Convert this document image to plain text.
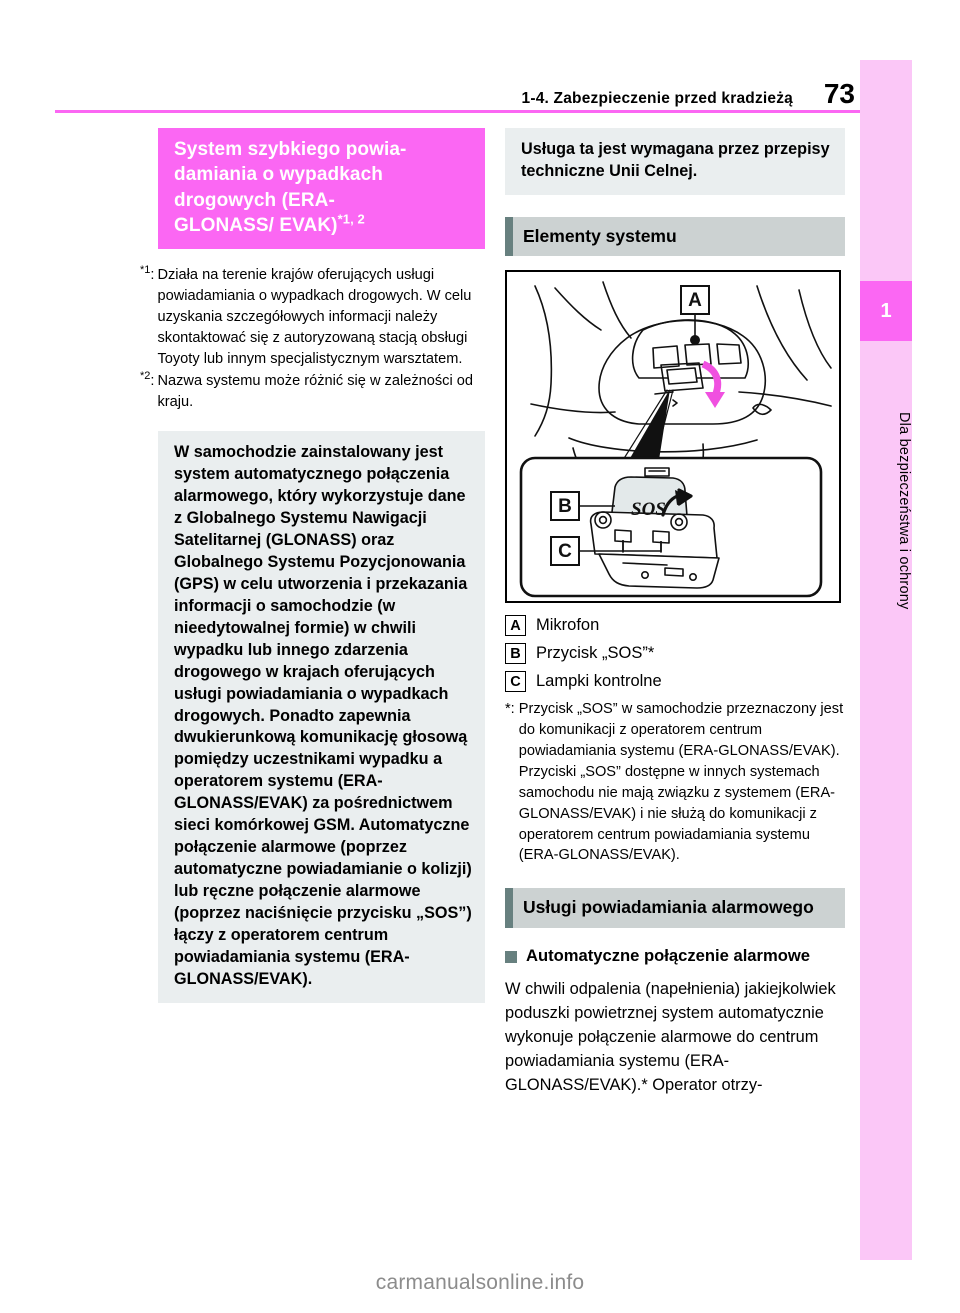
1-4. Zabezpieczenie przed kradzieżą	73
1
Dla bezpieczeństwa i ochrony
System szybkiego powia-
damiania o wypadkach
drogowych (ERA-
GLONASS/ EVAK)$^{*1, 2}$
$^{*1}$: Działa na terenie krajów oferujących usługi powiadamiania o wypadkach drogowych. W celu uzyskania szczegółowych informacji należy skontaktować się z autoryzowaną stacją obsługi Toyoty lub innym specjalistycznym warsztatem.
$^{*2}$: Nazwa systemu może różnić się w zależności od kraju.
W samochodzie zainstalowany jest system automatycznego połączenia alarmowego, który wykorzystuje dane z Globalnego Systemu Nawigacji Satelitarnej (GLONASS) oraz Globalnego Systemu Pozycjonowania (GPS) w celu utworzenia i przekazania informacji o samochodzie (w nieedytowalnej formie) w chwili wypadku lub innego zdarzenia drogowego w krajach oferujących usługi powiadamiania o wypadkach drogowych. Ponadto zapewnia dwukierunkową komunikację głosową pomiędzy uczestnikami wypadku a operatorem systemu (ERA-GLONASS/EVAK) za pośrednictwem sieci komórkowej GSM. Automatyczne połączenie alarmowe (poprzez automatyczne powiadamianie o kolizji) lub ręczne połączenie alarmowe (poprzez naciśnięcie przycisku „SOS”) łączy z operatorem centrum powiadamiania systemu (ERA-GLONASS/EVAK).
Usługa ta jest wymagana przez przepisy techniczne Unii Celnej.
Elementy systemu
SOS
A
B
C
A Mikrofon
B Przycisk „SOS”*
C Lampki kontrolne
*: Przycisk „SOS” w samochodzie przeznaczony jest do komunikacji z operatorem centrum powiadamiania systemu (ERA-GLONASS/EVAK). Przyciski „SOS” dostępne w innych systemach samochodu nie mają związku z systemem (ERA-GLONASS/EVAK) i nie służą do komunikacji z operatorem centrum powiadamiania systemu (ERA-GLONASS/EVAK).
Usługi powiadamiania alarmowego
Automatyczne połączenie alarmowe
W chwili odpalenia (napełnienia) jakiejkolwiek poduszki powietrznej system automatycznie wykonuje połączenie alarmowe do centrum powiadamiania systemu (ERA-GLONASS/EVAK).* Operator otrzy-
carmanualsonline.info
